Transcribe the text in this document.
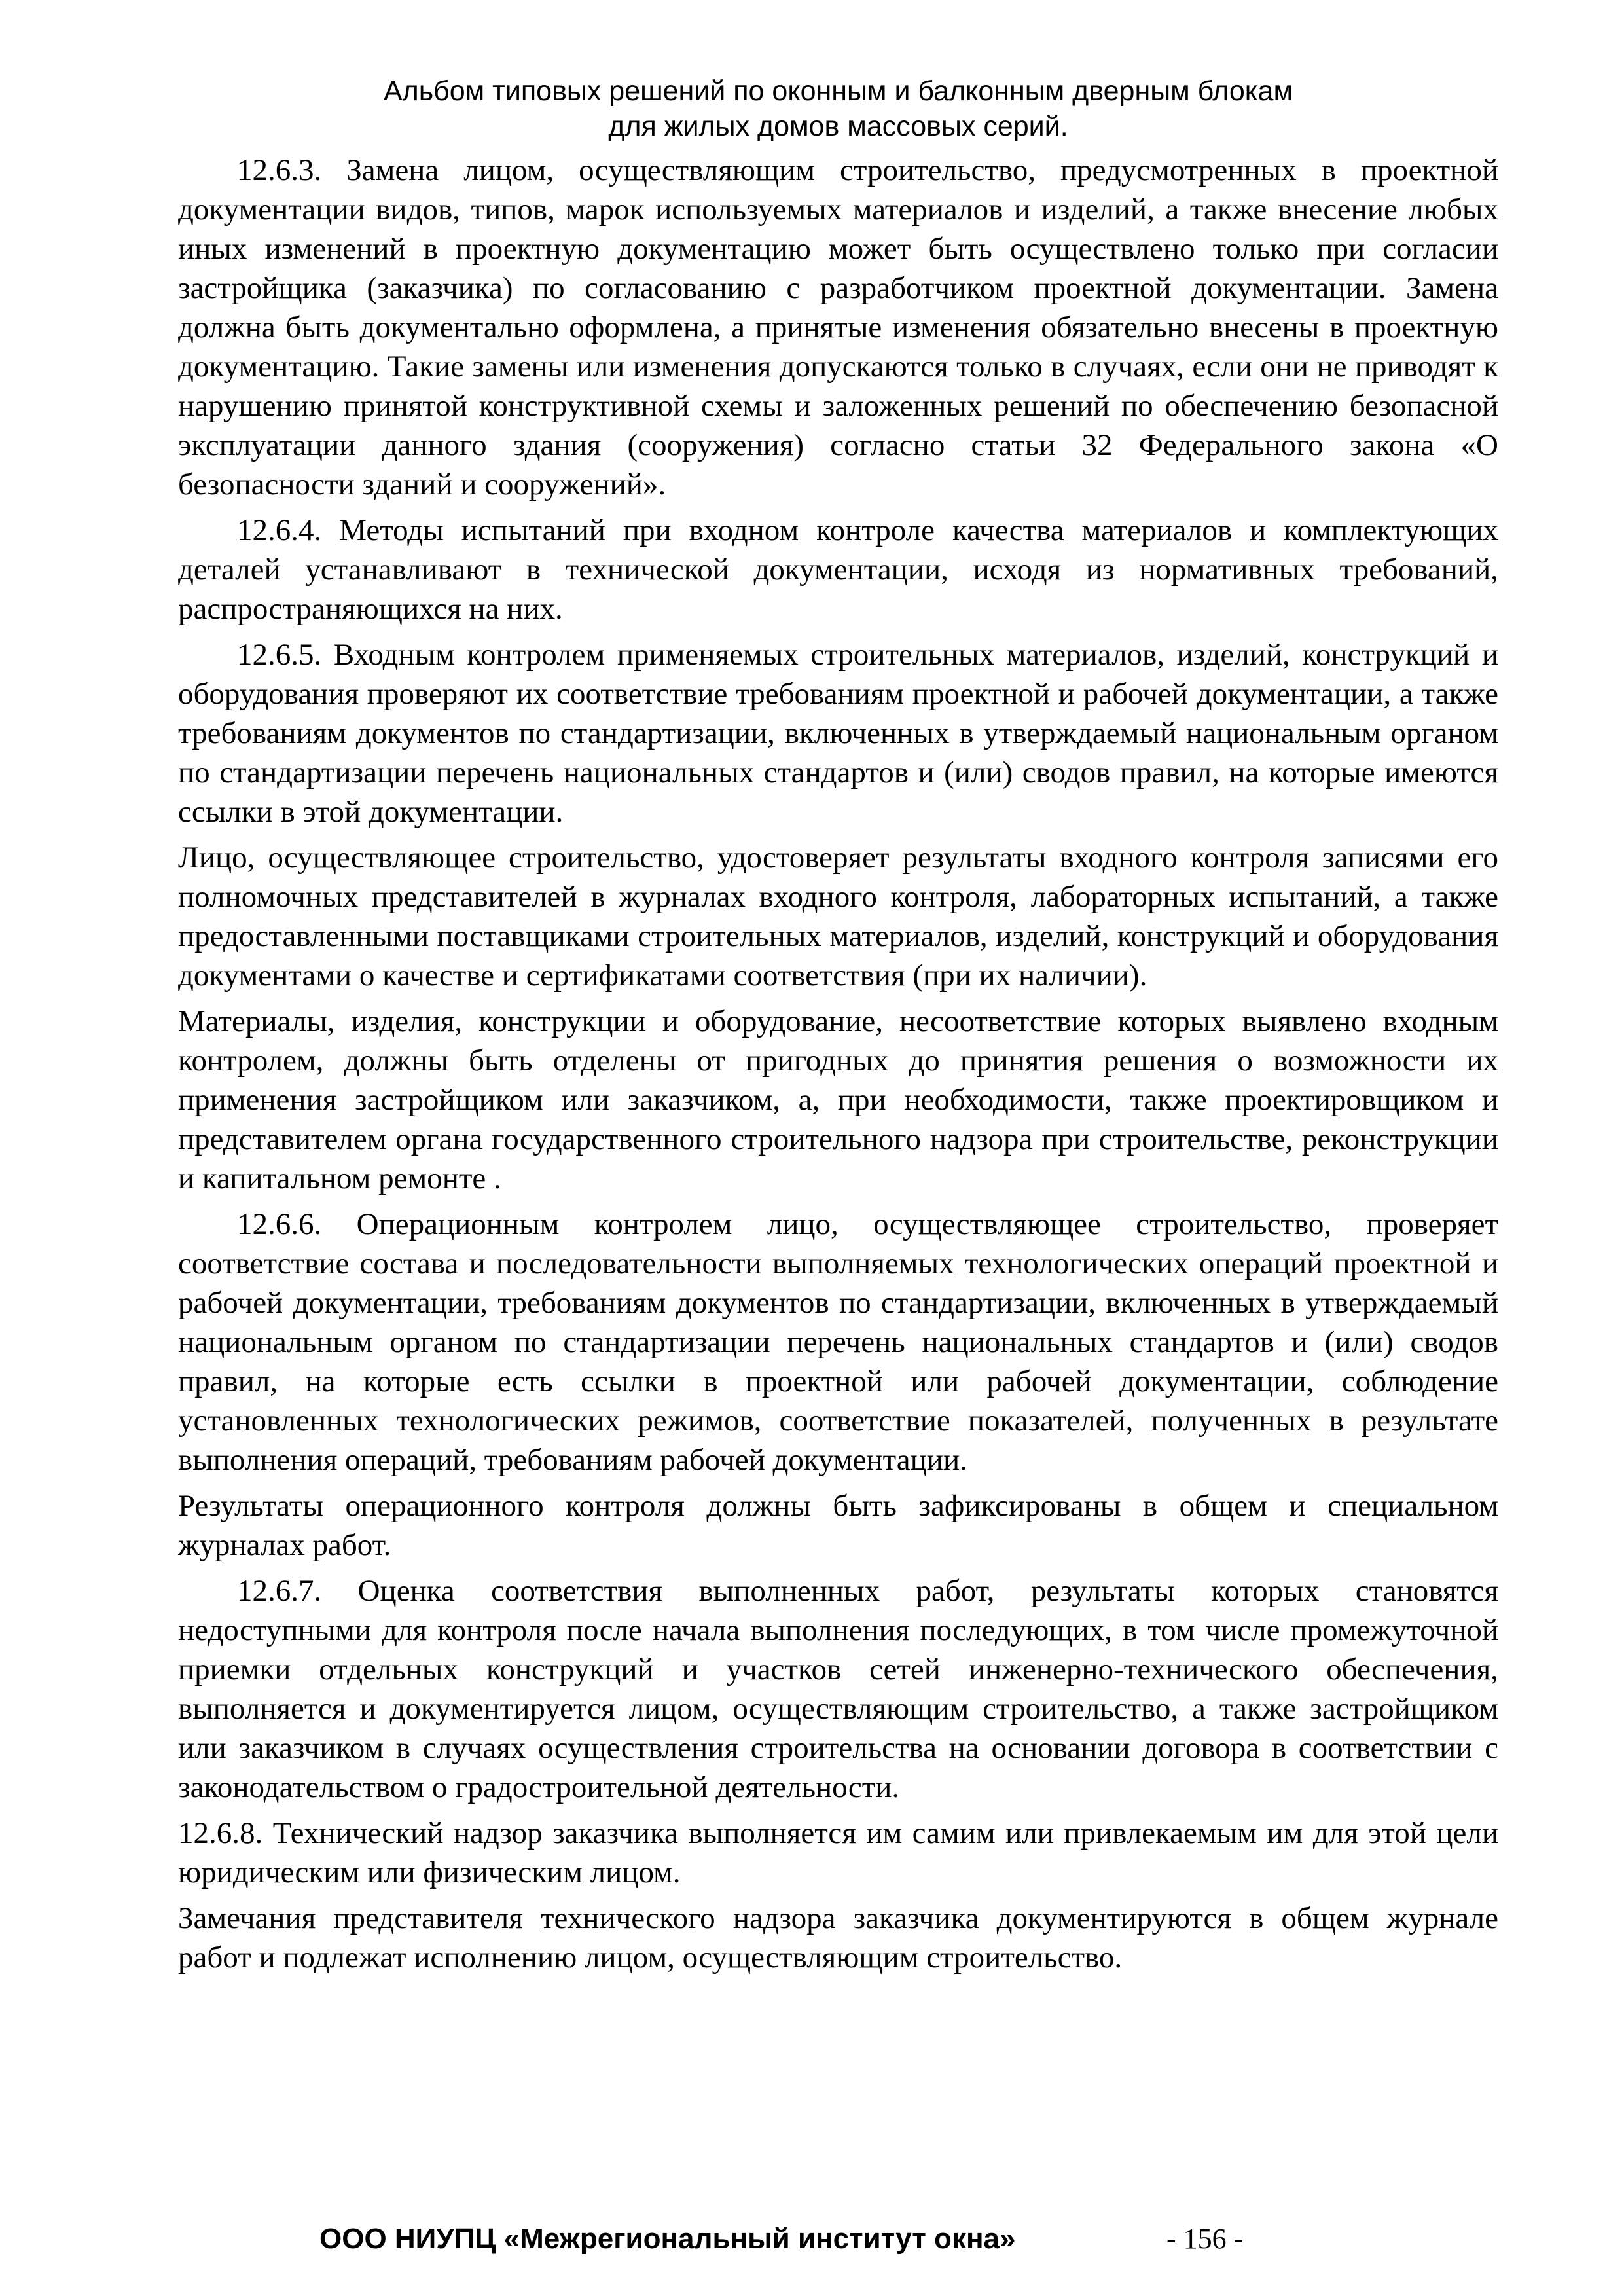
Альбом типовых решений по оконным и балконным дверным блокам
для жилых домов массовых серий.

12.6.3. Замена лицом, осуществляющим строительство, предусмотренных в проектной документации видов, типов, марок используемых материалов и изделий, а также внесение любых иных изменений в проектную документацию может быть осуществлено только при согласии застройщика (заказчика) по согласованию с разработчиком проектной документации. Замена должна быть документально оформлена, а принятые изменения обязательно внесены в проектную документацию. Такие замены или изменения допускаются только в случаях, если они не приводят к нарушению принятой конструктивной схемы и заложенных решений по обеспечению безопасной эксплуатации данного здания (сооружения) согласно статьи 32 Федерального закона «О безопасности зданий и сооружений».

12.6.4. Методы испытаний при входном контроле качества материалов и комплектующих деталей устанавливают в технической документации, исходя из нормативных требований, распространяющихся на них.

12.6.5. Входным контролем применяемых строительных материалов, изделий, конструкций и оборудования проверяют их соответствие требованиям проектной и рабочей документации, а также требованиям документов по стандартизации, включенных в утверждаемый национальным органом по стандартизации перечень национальных стандартов и (или) сводов правил, на которые имеются ссылки в этой документации.

Лицо, осуществляющее строительство, удостоверяет результаты входного контроля записями его полномочных представителей в журналах входного контроля, лабораторных испытаний, а также предоставленными поставщиками строительных материалов, изделий, конструкций и оборудования документами о качестве и сертификатами соответствия (при их наличии).

Материалы, изделия, конструкции и оборудование, несоответствие которых выявлено входным контролем, должны быть отделены от пригодных до принятия решения о возможности их применения застройщиком или заказчиком, а, при необходимости, также проектировщиком и представителем органа государственного строительного надзора при строительстве, реконструкции и капитальном ремонте .

12.6.6. Операционным контролем лицо, осуществляющее строительство, проверяет соответствие состава и последовательности выполняемых технологических операций проектной и рабочей документации, требованиям документов по стандартизации, включенных в утверждаемый национальным органом по стандартизации перечень национальных стандартов и (или) сводов правил, на которые есть ссылки в проектной или рабочей документации, соблюдение установленных технологических режимов, соответствие показателей, полученных в результате выполнения операций, требованиям рабочей документации.

Результаты операционного контроля должны быть зафиксированы в общем и специальном журналах работ.

12.6.7. Оценка соответствия выполненных работ, результаты которых становятся недоступными для контроля после начала выполнения последующих, в том числе промежуточной приемки отдельных конструкций и участков сетей инженерно-технического обеспечения, выполняется и документируется лицом, осуществляющим строительство, а также застройщиком или заказчиком в случаях осуществления строительства на основании договора в соответствии с законодательством о градостроительной деятельности.

12.6.8. Технический надзор заказчика выполняется им самим или привлекаемым им для этой цели юридическим или физическим лицом.

Замечания представителя технического надзора заказчика документируются в общем журнале работ и подлежат исполнению лицом, осуществляющим строительство.

ООО НИУПЦ «Межрегиональный институт окна»	- 156 -
